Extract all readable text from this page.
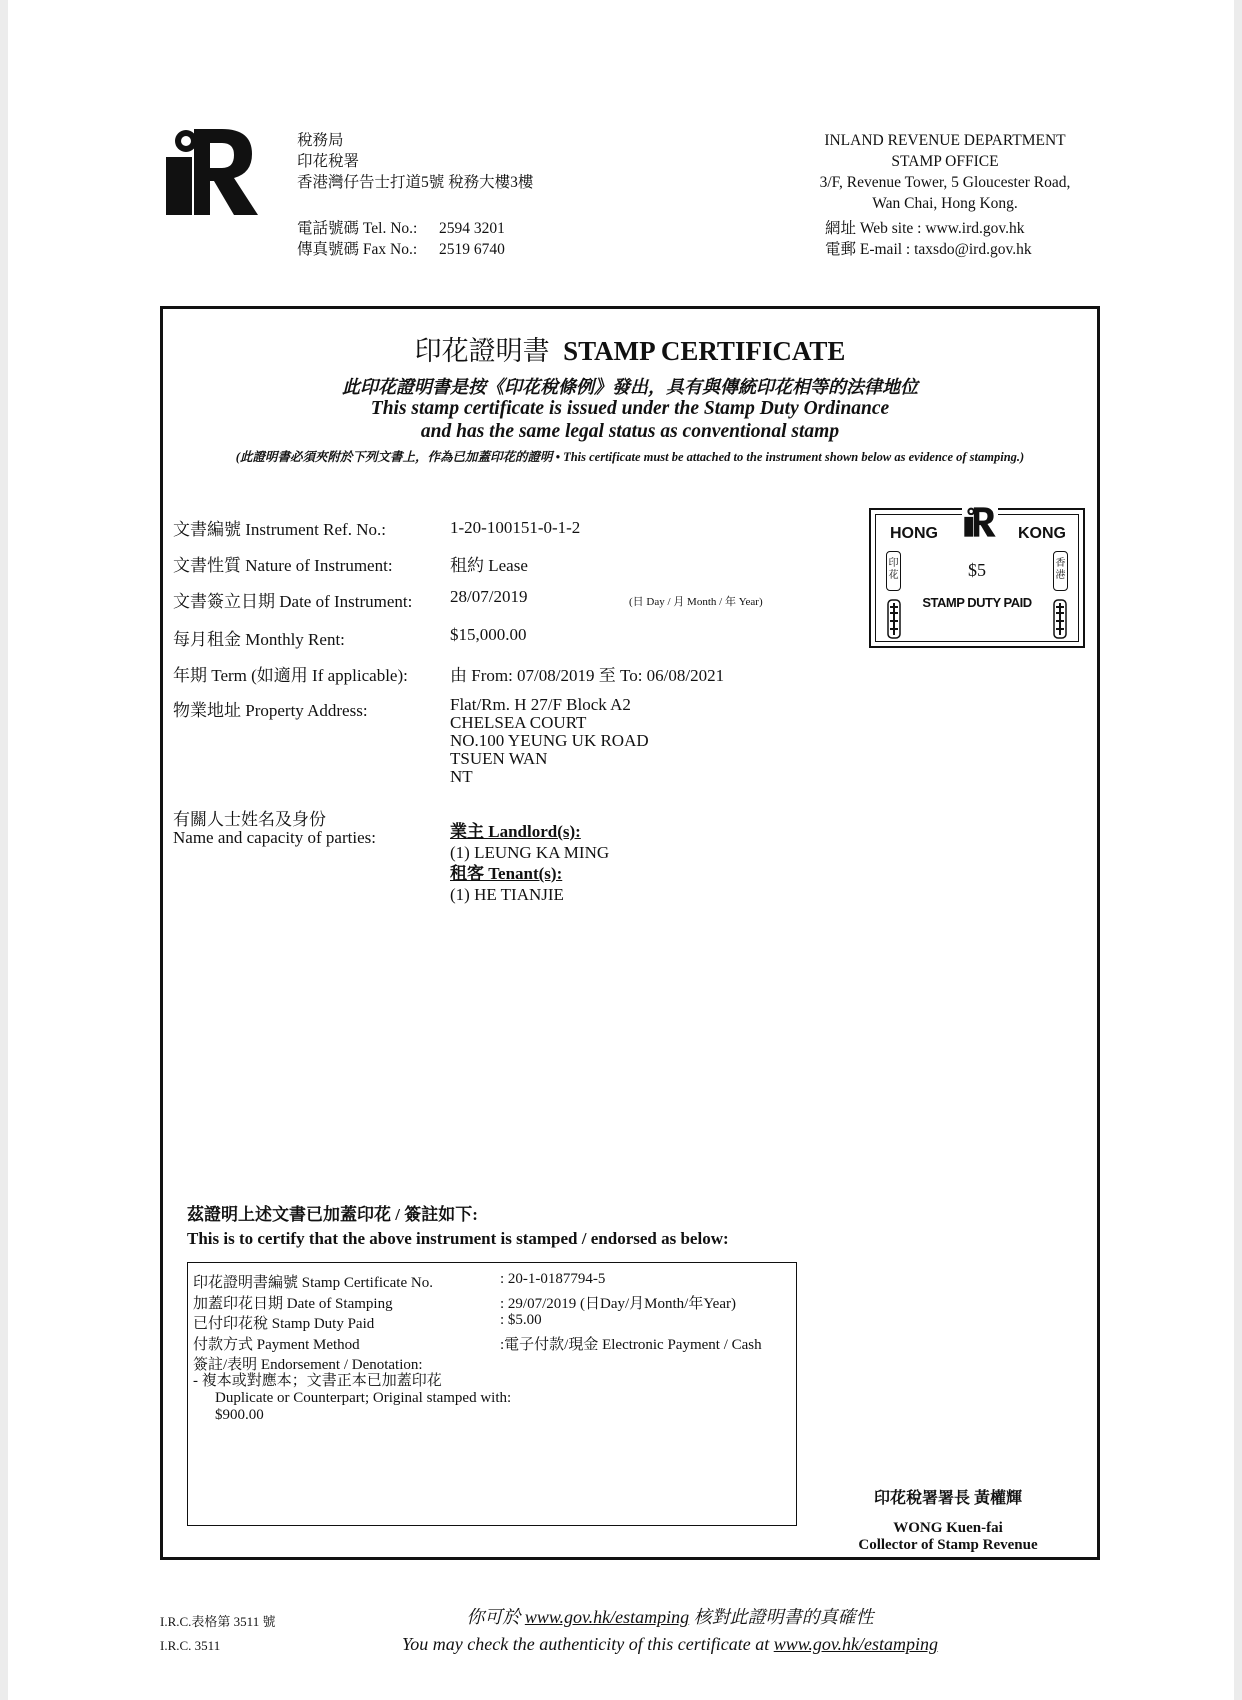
稅務局
印花稅署
香港灣仔告士打道5號 稅務大樓3樓
電話號碼 Tel. No.: 2594 3201
傳真號碼 Fax No.: 2519 6740
INLAND REVENUE DEPARTMENT
STAMP OFFICE
3/F, Revenue Tower, 5 Gloucester Road,
Wan Chai, Hong Kong.
網址 Web site : www.ird.gov.hk
電郵 E-mail : taxsdo@ird.gov.hk
印花證明書 STAMP CERTIFICATE
此印花證明書是按《印花稅條例》發出，具有與傳統印花相等的法律地位
This stamp certificate is issued under the Stamp Duty Ordinance
and has the same legal status as conventional stamp
(此證明書必須夾附於下列文書上，作為已加蓋印花的證明 • This certificate must be attached to the instrument shown below as evidence of stamping.)
文書編號 Instrument Ref. No.:	1-20-100151-0-1-2
文書性質 Nature of Instrument:	租約 Lease
文書簽立日期 Date of Instrument: 28/07/2019	(日 Day / 月 Month / 年 Year)
每月租金 Monthly Rent:	$15,000.00
年期 Term (如適用 If applicable): 由 From: 07/08/2019 至 To: 06/08/2021
物業地址 Property Address:	Flat/Rm. H 27/F Block A2
CHELSEA COURT
NO.100 YEUNG UK ROAD
TSUEN WAN
NT
有關人士姓名及身份
Name and capacity of parties:	業主 Landlord(s):
(1) LEUNG KA MING
租客 Tenant(s):
(1) HE TIANJIE
HONG	KONG
印花
香港
$5
STAMP DUTY PAID
茲證明上述文書已加蓋印花 / 簽註如下:
This is to certify that the above instrument is stamped / endorsed as below:
印花證明書編號 Stamp Certificate No.	: 20-1-0187794-5
加蓋印花日期 Date of Stamping	: 29/07/2019 (日Day/月Month/年Year)
已付印花稅 Stamp Duty Paid	: $5.00
付款方式 Payment Method	:電子付款/現金 Electronic Payment / Cash
簽註/表明 Endorsement / Denotation:
- 複本或對應本；文書正本已加蓋印花
Duplicate or Counterpart; Original stamped with:
$900.00
印花稅署署長 黃權輝
WONG Kuen-fai
Collector of Stamp Revenue
I.R.C.表格第 3511 號
I.R.C. 3511
你可於 www.gov.hk/estamping 核對此證明書的真確性
You may check the authenticity of this certificate at www.gov.hk/estamping
